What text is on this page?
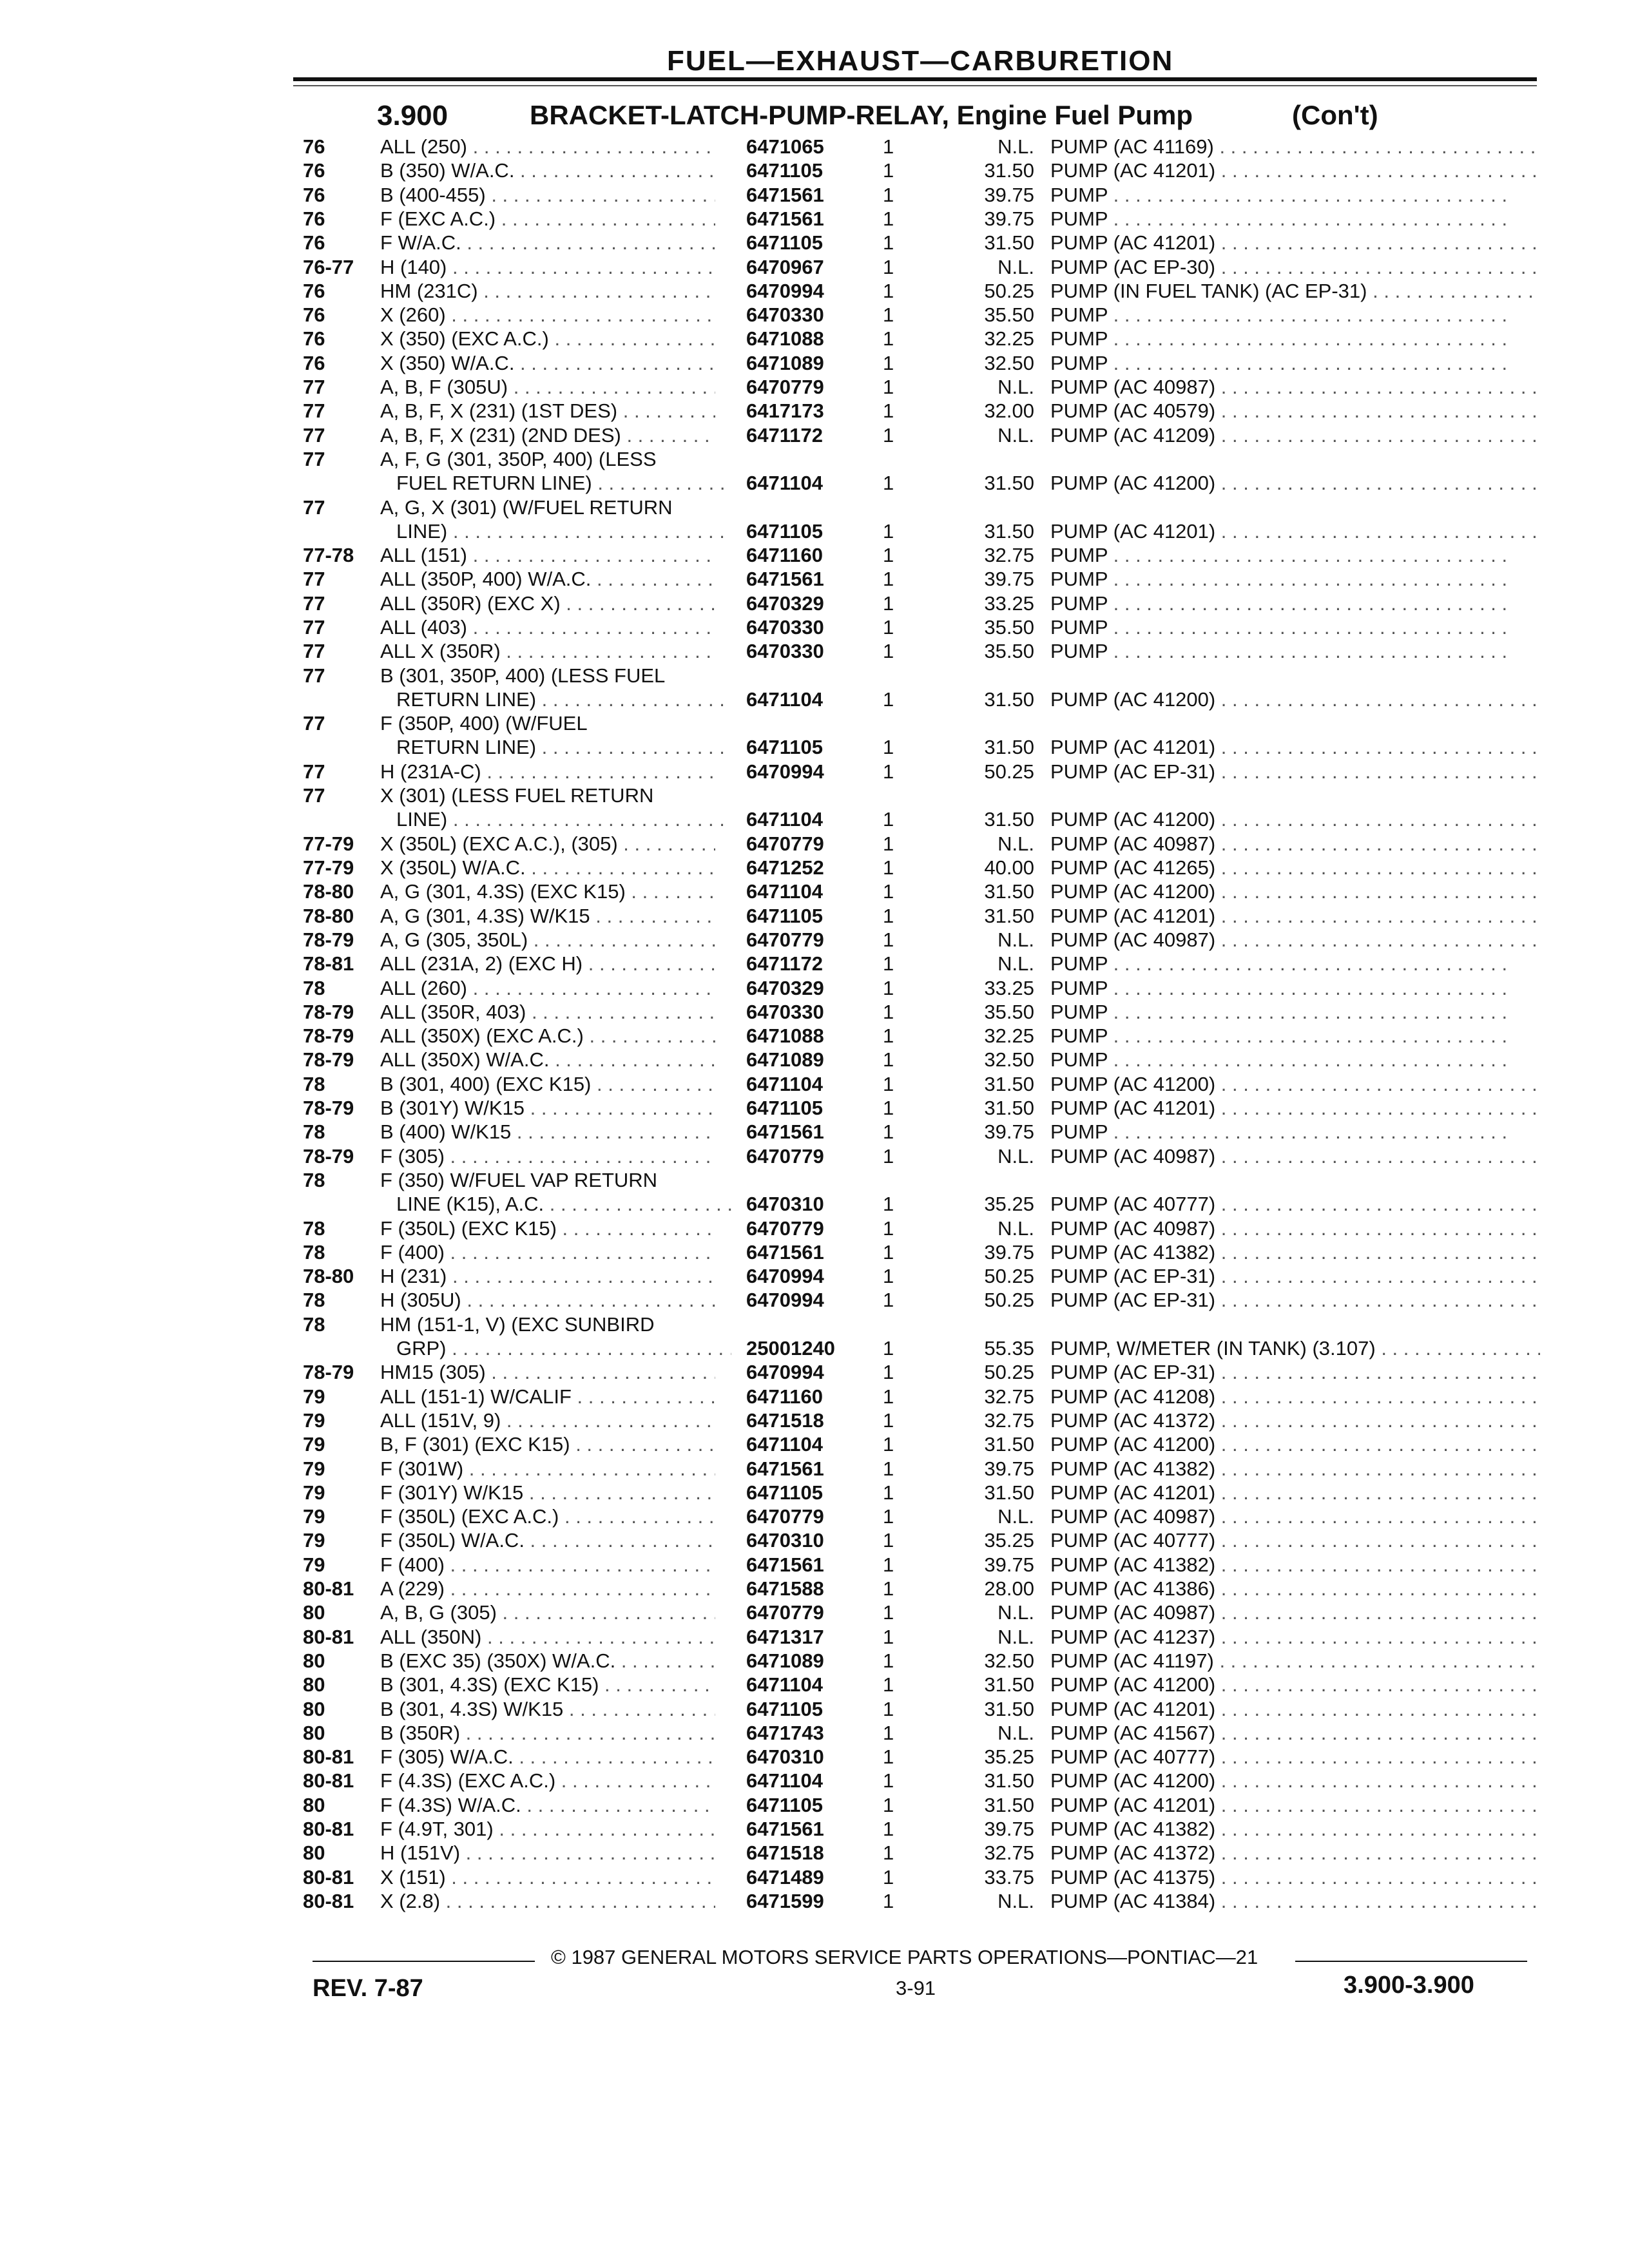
FUEL—EXHAUST—CARBURETION
3.900	BRACKET-LATCH-PUMP-RELAY, Engine Fuel Pump	(Con't)
76	ALL (250) . . .	6471065	1	N.L. PUMP (AC 41169) . . .
76	B (350) W/A.C. . . .	6471105	1	31.50 PUMP (AC 41201) . . .
76	B (400-455) . . .	6471561	1	39.75 PUMP . . .
76	F (EXC A.C.) . . .	6471561	1	39.75 PUMP . . .
76	F W/A.C. . . .	6471105	1	31.50 PUMP (AC 41201) . . .
76-77	H (140) . . .	6470967	1	N.L. PUMP (AC EP-30) . . .
76	HM (231C) . . .	6470994	1	50.25 PUMP (IN FUEL TANK) (AC EP-31) . . .
76	X (260) . . .	6470330	1	35.50 PUMP . . .
76	X (350) (EXC A.C.) . . .	6471088	1	32.25 PUMP . . .
76	X (350) W/A.C. . . .	6471089	1	32.50 PUMP . . .
77	A, B, F (305U) . . .	6470779	1	N.L. PUMP (AC 40987) . . .
77	A, B, F, X (231) (1ST DES) . . .	6417173	1	32.00 PUMP (AC 40579) . . .
77	A, B, F, X (231) (2ND DES) . . .	6471172	1	N.L. PUMP (AC 41209) . . .
77	A, F, G (301, 350P, 400) (LESS
FUEL RETURN LINE) . . .	6471104	1	31.50 PUMP (AC 41200) . . .
77	A, G, X (301) (W/FUEL RETURN
LINE) . . .	6471105	1	31.50 PUMP (AC 41201) . . .
77-78	ALL (151) . . .	6471160	1	32.75 PUMP . . .
77	ALL (350P, 400) W/A.C. . . .	6471561	1	39.75 PUMP . . .
77	ALL (350R) (EXC X) . . .	6470329	1	33.25 PUMP . . .
77	ALL (403) . . .	6470330	1	35.50 PUMP . . .
77	ALL X (350R) . . .	6470330	1	35.50 PUMP . . .
77	B (301, 350P, 400) (LESS FUEL
RETURN LINE) . . .	6471104	1	31.50 PUMP (AC 41200) . . .
77	F (350P, 400) (W/FUEL
RETURN LINE) . . .	6471105	1	31.50 PUMP (AC 41201) . . .
77	H (231A-C) . . .	6470994	1	50.25 PUMP (AC EP-31) . . .
77	X (301) (LESS FUEL RETURN
LINE) . . .	6471104	1	31.50 PUMP (AC 41200) . . .
77-79	X (350L) (EXC A.C.), (305) . . .	6470779	1	N.L. PUMP (AC 40987) . . .
77-79	X (350L) W/A.C. . . .	6471252	1	40.00 PUMP (AC 41265) . . .
78-80	A, G (301, 4.3S) (EXC K15) . . .	6471104	1	31.50 PUMP (AC 41200) . . .
78-80	A, G (301, 4.3S) W/K15 . . .	6471105	1	31.50 PUMP (AC 41201) . . .
78-79	A, G (305, 350L) . . .	6470779	1	N.L. PUMP (AC 40987) . . .
78-81	ALL (231A, 2) (EXC H) . . .	6471172	1	N.L. PUMP . . .
78	ALL (260) . . .	6470329	1	33.25 PUMP . . .
78-79	ALL (350R, 403) . . .	6470330	1	35.50 PUMP . . .
78-79	ALL (350X) (EXC A.C.) . . .	6471088	1	32.25 PUMP . . .
78-79	ALL (350X) W/A.C. . . .	6471089	1	32.50 PUMP . . .
78	B (301, 400) (EXC K15) . . .	6471104	1	31.50 PUMP (AC 41200) . . .
78-79	B (301Y) W/K15 . . .	6471105	1	31.50 PUMP (AC 41201) . . .
78	B (400) W/K15 . . .	6471561	1	39.75 PUMP . . .
78-79	F (305) . . .	6470779	1	N.L. PUMP (AC 40987) . . .
78	F (350) W/FUEL VAP RETURN
LINE (K15), A.C. . . .	6470310	1	35.25 PUMP (AC 40777) . . .
78	F (350L) (EXC K15) . . .	6470779	1	N.L. PUMP (AC 40987) . . .
78	F (400) . . .	6471561	1	39.75 PUMP (AC 41382) . . .
78-80	H (231) . . .	6470994	1	50.25 PUMP (AC EP-31) . . .
78	H (305U) . . .	6470994	1	50.25 PUMP (AC EP-31) . . .
78	HM (151-1, V) (EXC SUNBIRD
GRP) . . .	25001240 1	55.35 PUMP, W/METER (IN TANK) (3.107) . . .
78-79	HM15 (305) . . .	6470994	1	50.25 PUMP (AC EP-31) . . .
79	ALL (151-1) W/CALIF . . .	6471160	1	32.75 PUMP (AC 41208) . . .
79	ALL (151V, 9) . . .	6471518	1	32.75 PUMP (AC 41372) . . .
79	B, F (301) (EXC K15) . . .	6471104	1	31.50 PUMP (AC 41200) . . .
79	F (301W) . . .	6471561	1	39.75 PUMP (AC 41382) . . .
79	F (301Y) W/K15 . . .	6471105	1	31.50 PUMP (AC 41201) . . .
79	F (350L) (EXC A.C.) . . .	6470779	1	N.L. PUMP (AC 40987) . . .
79	F (350L) W/A.C. . . .	6470310	1	35.25 PUMP (AC 40777) . . .
79	F (400) . . .	6471561	1	39.75 PUMP (AC 41382) . . .
80-81	A (229) . . .	6471588	1	28.00 PUMP (AC 41386) . . .
80	A, B, G (305) . . .	6470779	1	N.L. PUMP (AC 40987) . . .
80-81	ALL (350N) . . .	6471317	1	N.L. PUMP (AC 41237) . . .
80	B (EXC 35) (350X) W/A.C. . . .	6471089	1	32.50 PUMP (AC 41197) . . .
80	B (301, 4.3S) (EXC K15) . . .	6471104	1	31.50 PUMP (AC 41200) . . .
80	B (301, 4.3S) W/K15 . . .	6471105	1	31.50 PUMP (AC 41201) . . .
80	B (350R) . . .	6471743	1	N.L. PUMP (AC 41567) . . .
80-81	F (305) W/A.C. . . .	6470310	1	35.25 PUMP (AC 40777) . . .
80-81	F (4.3S) (EXC A.C.) . . .	6471104	1	31.50 PUMP (AC 41200) . . .
80	F (4.3S) W/A.C. . . .	6471105	1	31.50 PUMP (AC 41201) . . .
80-81	F (4.9T, 301) . . .	6471561	1	39.75 PUMP (AC 41382) . . .
80	H (151V) . . .	6471518	1	32.75 PUMP (AC 41372) . . .
80-81	X (151) . . .	6471489	1	33.75 PUMP (AC 41375) . . .
80-81	X (2.8) . . .	6471599	1	N.L. PUMP (AC 41384) . . .
© 1987 GENERAL MOTORS SERVICE PARTS OPERATIONS—PONTIAC—21
REV. 7-87	3-91	3.900-3.900
